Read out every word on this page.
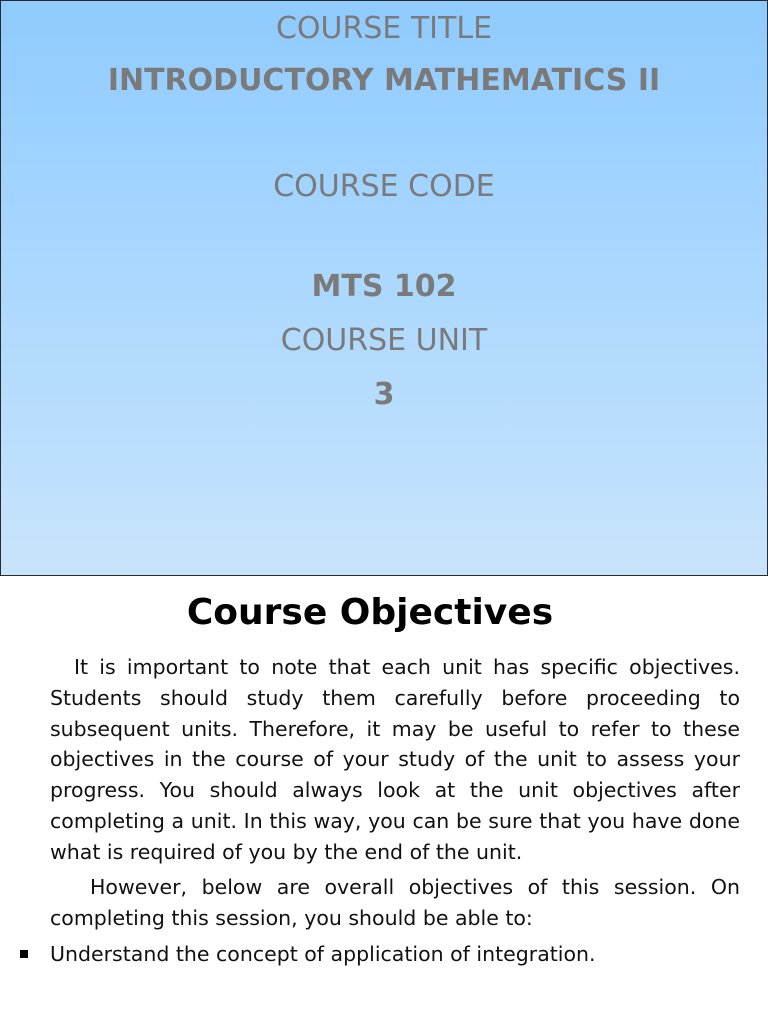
COURSE TITLE
INTRODUCTORY MATHEMATICS II
COURSE CODE
MTS 102
COURSE UNIT
3
Course Objectives
It is important to note that each unit has specific objectives. Students should study them carefully before proceeding to subsequent units. Therefore, it may be useful to refer to these objectives in the course of your study of the unit to assess your progress. You should always look at the unit objectives after completing a unit. In this way, you can be sure that you have done what is required of you by the end of the unit.
However, below are overall objectives of this session. On completing this session, you should be able to:
Understand the concept of application of integration.
